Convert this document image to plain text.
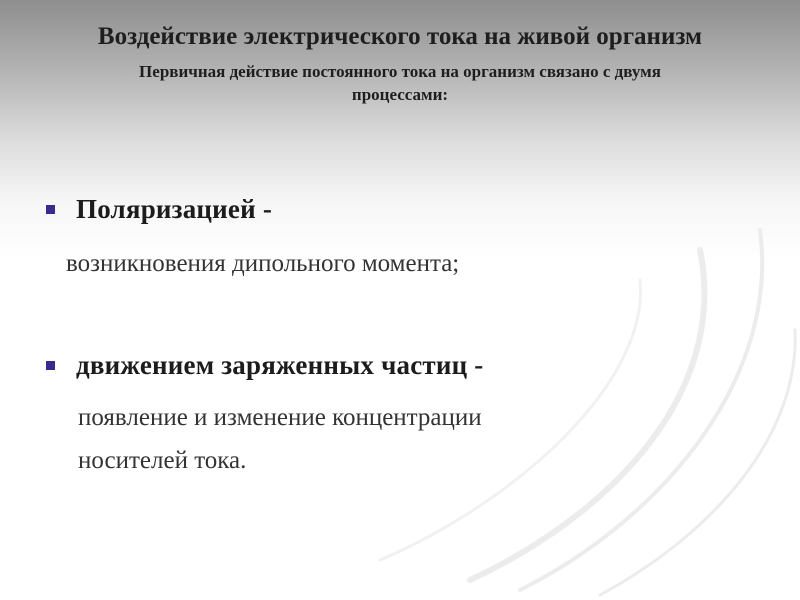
Воздействие электрического тока на живой организм

Первичная действие постоянного тока на организм связано с двумя процессами:

Поляризацией -
возникновения дипольного момента;
движением заряженных частиц -
появление и изменение концентрации
носителей тока.
